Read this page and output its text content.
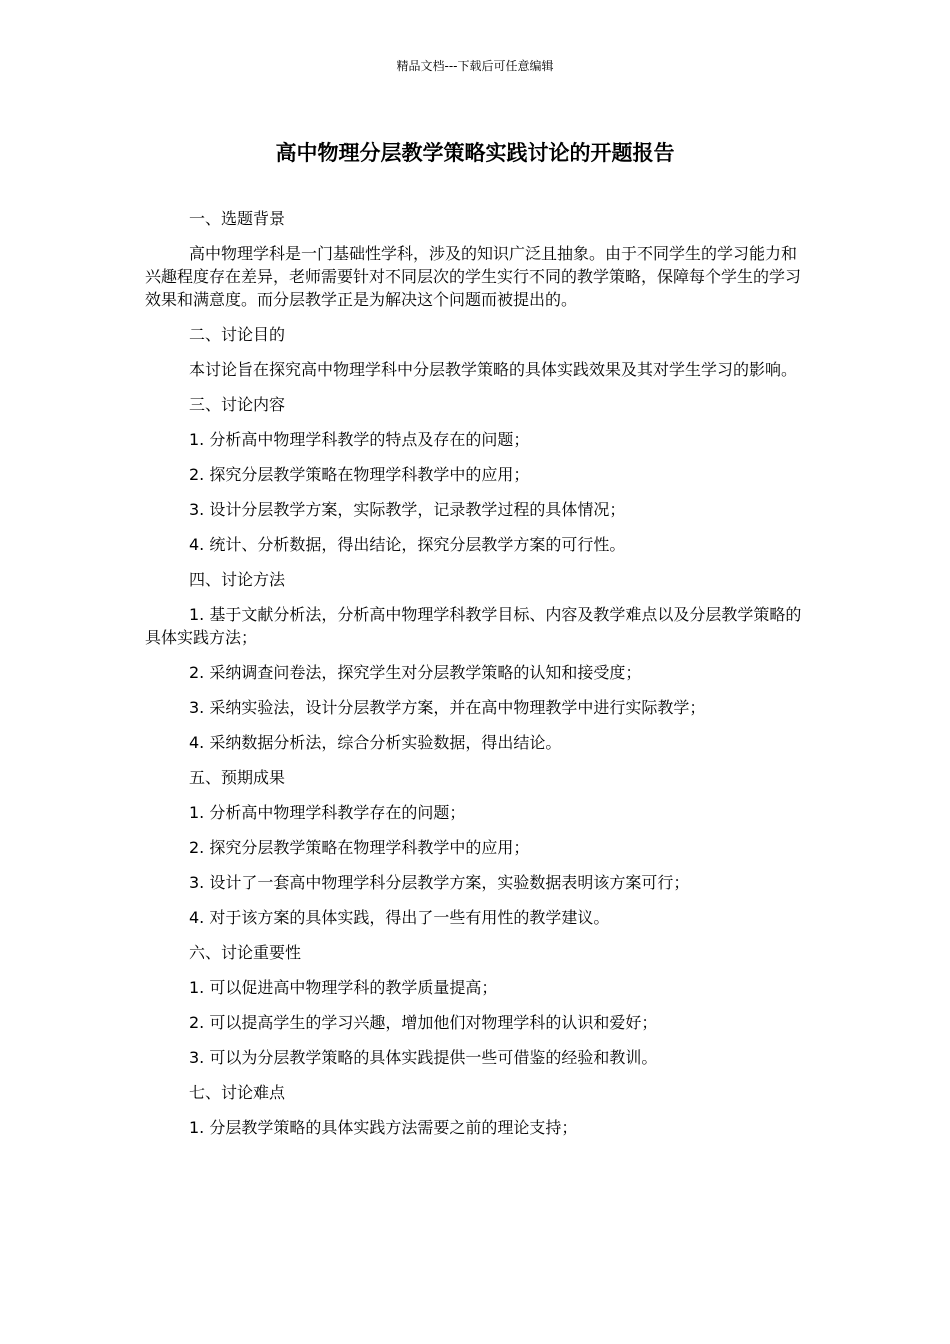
精品文档---下载后可任意编辑
高中物理分层教学策略实践讨论的开题报告

一、选题背景

高中物理学科是一门基础性学科，涉及的知识广泛且抽象。由于不同学生的学习能力和兴趣程度存在差异，老师需要针对不同层次的学生实行不同的教学策略，保障每个学生的学习效果和满意度。而分层教学正是为解决这个问题而被提出的。

二、讨论目的

本讨论旨在探究高中物理学科中分层教学策略的具体实践效果及其对学生学习的影响。

三、讨论内容

1. 分析高中物理学科教学的特点及存在的问题；

2. 探究分层教学策略在物理学科教学中的应用；

3. 设计分层教学方案，实际教学，记录教学过程的具体情况；

4. 统计、分析数据，得出结论，探究分层教学方案的可行性。

四、讨论方法

1. 基于文献分析法，分析高中物理学科教学目标、内容及教学难点以及分层教学策略的具体实践方法；

2. 采纳调查问卷法，探究学生对分层教学策略的认知和接受度；

3. 采纳实验法，设计分层教学方案，并在高中物理教学中进行实际教学；

4. 采纳数据分析法，综合分析实验数据，得出结论。

五、预期成果

1. 分析高中物理学科教学存在的问题；

2. 探究分层教学策略在物理学科教学中的应用；

3. 设计了一套高中物理学科分层教学方案，实验数据表明该方案可行；

4. 对于该方案的具体实践，得出了一些有用性的教学建议。

六、讨论重要性

1. 可以促进高中物理学科的教学质量提高；

2. 可以提高学生的学习兴趣，增加他们对物理学科的认识和爱好；

3. 可以为分层教学策略的具体实践提供一些可借鉴的经验和教训。

七、讨论难点

1. 分层教学策略的具体实践方法需要之前的理论支持；
